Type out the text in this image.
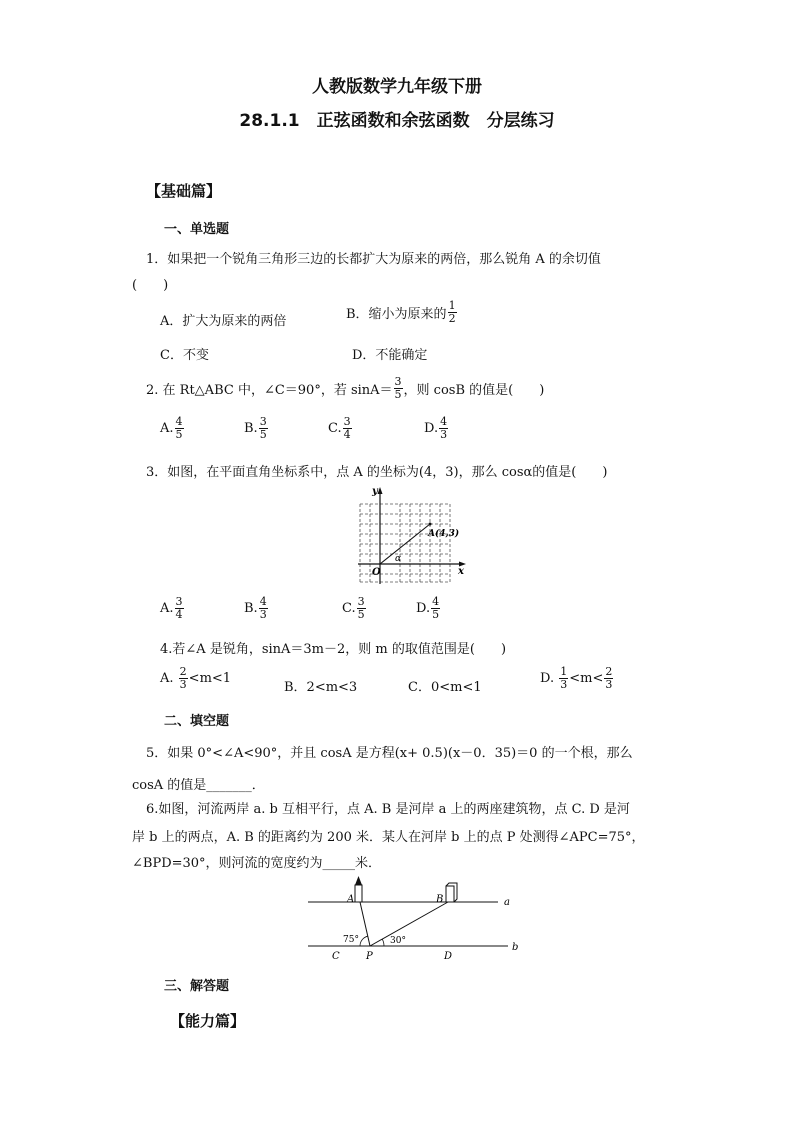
人教版数学九年级下册
28.1.1　正弦函数和余弦函数　分层练习
【基础篇】
一、单选题
1．如果把一个锐角三角形三边的长都扩大为原来的两倍，那么锐角 A 的余切值
(　　)
A．扩大为原来的两倍	B．缩小为原来的 $\frac{1}{2}$
C．不变	D．不能确定
2. 在 Rt△ABC 中，∠C＝90°，若 $\sin A= \frac{3}{5}$ ，则 cosB 的值是(　　)
A. $\frac{4}{5}$	B. $\frac{3}{5}$	C. $\frac{3}{4}$	D. $\frac{4}{3}$
3．如图，在平面直角坐标系中，点 A 的坐标为(4，3)，那么 cosα的值是(　　)
y
x
O
A(4,3)
α
A. $\frac{3}{4}$	B. $\frac{4}{3}$	C. $\frac{3}{5}$	D. $\frac{4}{5}$
4.若∠A 是锐角，sinA＝3m－2，则 m 的取值范围是(　　)
A. $\frac{2}{3} <m<1$
B．2<m<3	C．0<m<1
D. $\frac{1}{3} <m< \frac{2}{3}$
二、填空题
5．如果 0°<∠A<90°，并且 cosA 是方程(x+ 0.5)(x－0．35)＝0 的一个根，那么
cosA 的值是_______．
6.如图，河流两岸 a. b 互相平行，点 A. B 是河岸 a 上的两座建筑物，点 C. D 是河
岸 b 上的两点，A. B 的距离约为 200 米．某人在河岸 b 上的点 P 处测得∠APC=75°，
∠BPD=30°，则河流的宽度约为_____米．
A	B	a
b
C	P	D
75°	30°
三、解答题
【能力篇】
